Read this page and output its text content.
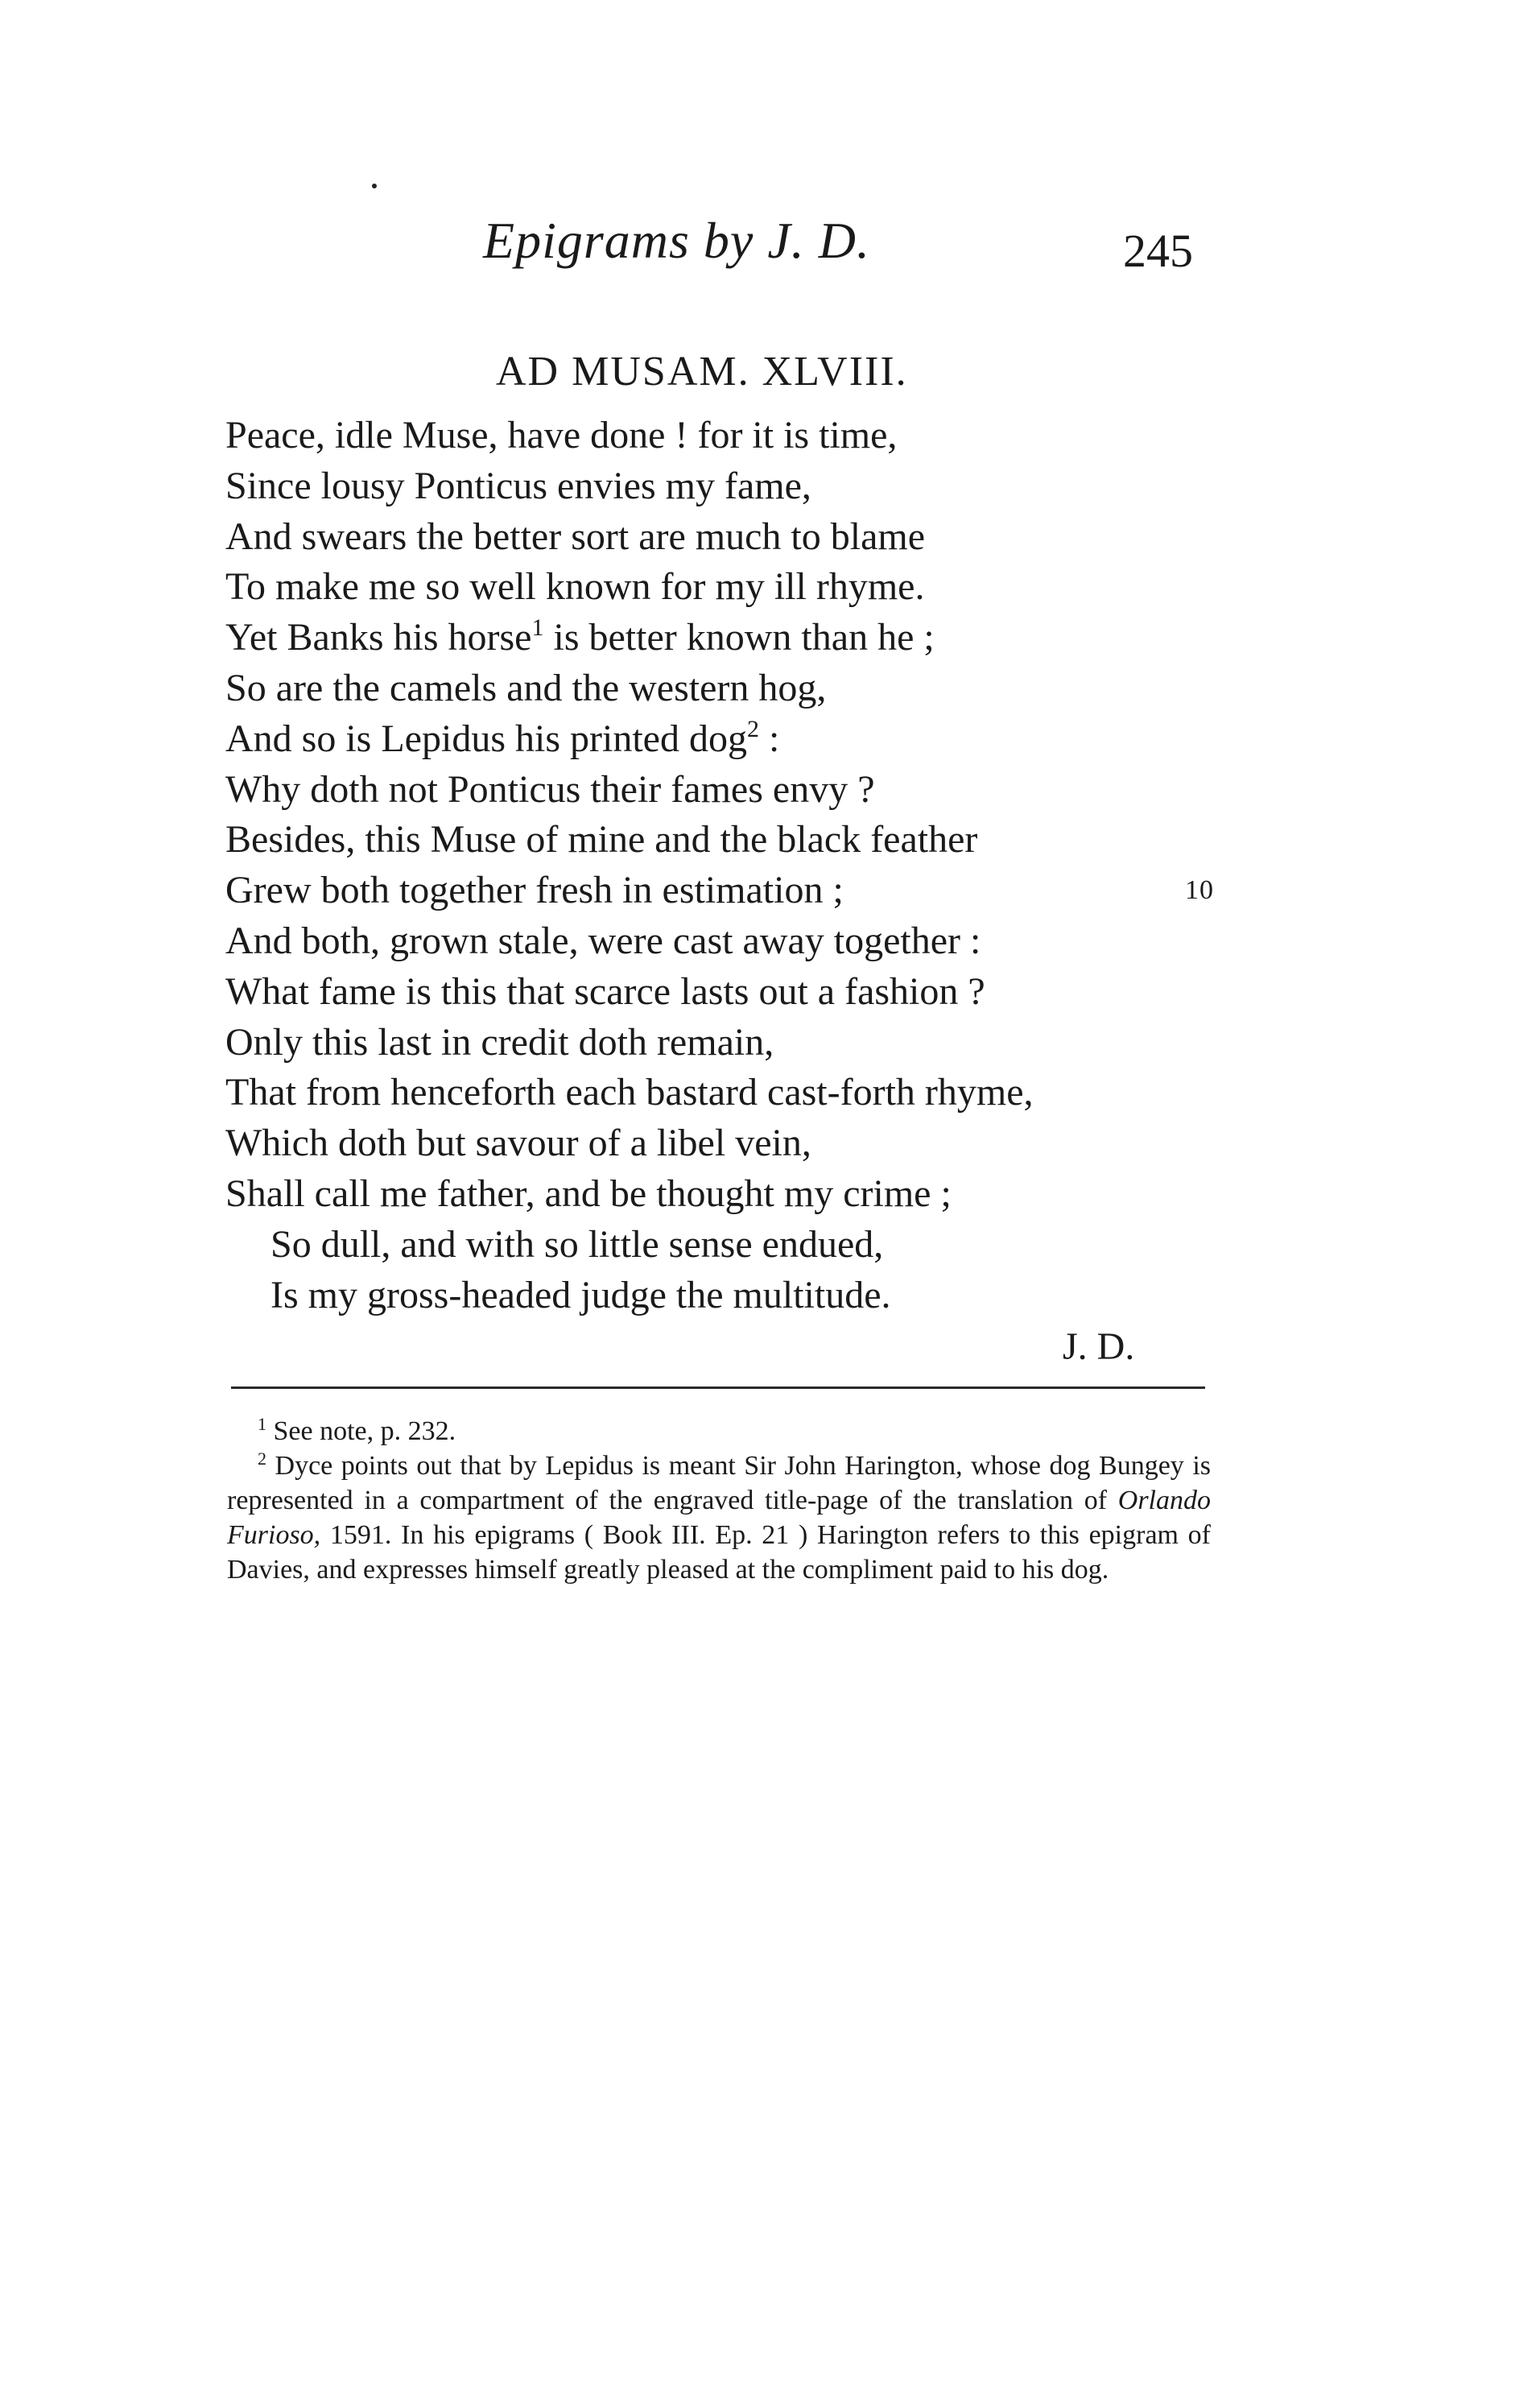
Epigrams by J. D.	245
AD MUSAM. XLVIII.
Peace, idle Muse, have done ! for it is time,
Since lousy Ponticus envies my fame,
And swears the better sort are much to blame
To make me so well known for my ill rhyme.
Yet Banks his horse$^1$ is better known than he ;
So are the camels and the western hog,
And so is Lepidus his printed dog$^2$ :
Why doth not Ponticus their fames envy ?
Besides, this Muse of mine and the black feather
Grew both together fresh in estimation ;	10
And both, grown stale, were cast away together :
What fame is this that scarce lasts out a fashion ?
Only this last in credit doth remain,
That from henceforth each bastard cast-forth rhyme,
Which doth but savour of a libel vein,
Shall call me father, and be thought my crime ;
So dull, and with so little sense endued,
Is my gross-headed judge the multitude.
J. D.

$^1$ See note, p. 232.

$^2$ Dyce points out that by Lepidus is meant Sir John Harington, whose dog Bungey is represented in a compartment of the engraved title-page of the translation of Orlando Furioso, 1591. In his epigrams ( Book III. Ep. 21 ) Harington refers to this epigram of Davies, and expresses himself greatly pleased at the compliment paid to his dog.
